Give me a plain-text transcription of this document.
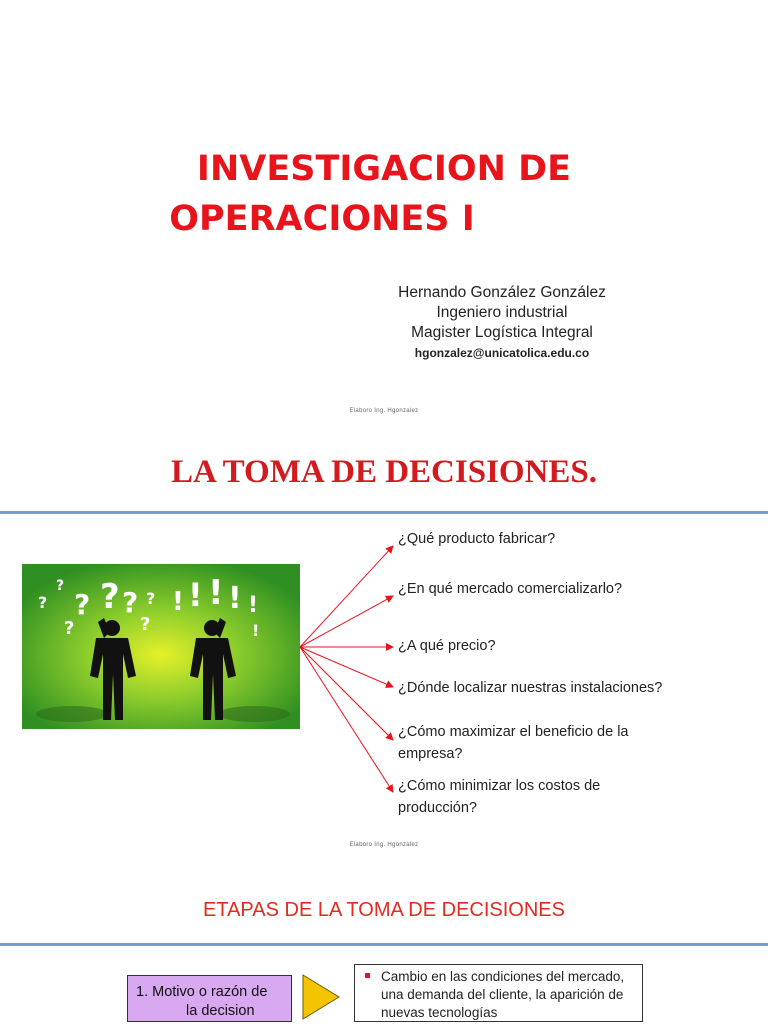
INVESTIGACION DE
OPERACIONES I
Hernando González González
Ingeniero industrial
Magister Logística Integral
hgonzalez@unicatolica.edu.co
Elaboro Ing. Hgonzalez
LA TOMA DE DECISIONES.
?
?
?
? ? ?
?
? ! ! ! ! !
!
¿Qué producto fabricar?
¿En qué mercado comercializarlo?
¿A qué precio?
¿Dónde localizar nuestras instalaciones?
¿Cómo maximizar el beneficio de la empresa?
¿Cómo minimizar los costos de producción?
Elaboro Ing. Hgonzalez
ETAPAS DE LA TOMA DE DECISIONES
1. Motivo o razón de
la decision
Cambio en las condiciones del mercado, una demanda del cliente, la aparición de nuevas tecnologías
